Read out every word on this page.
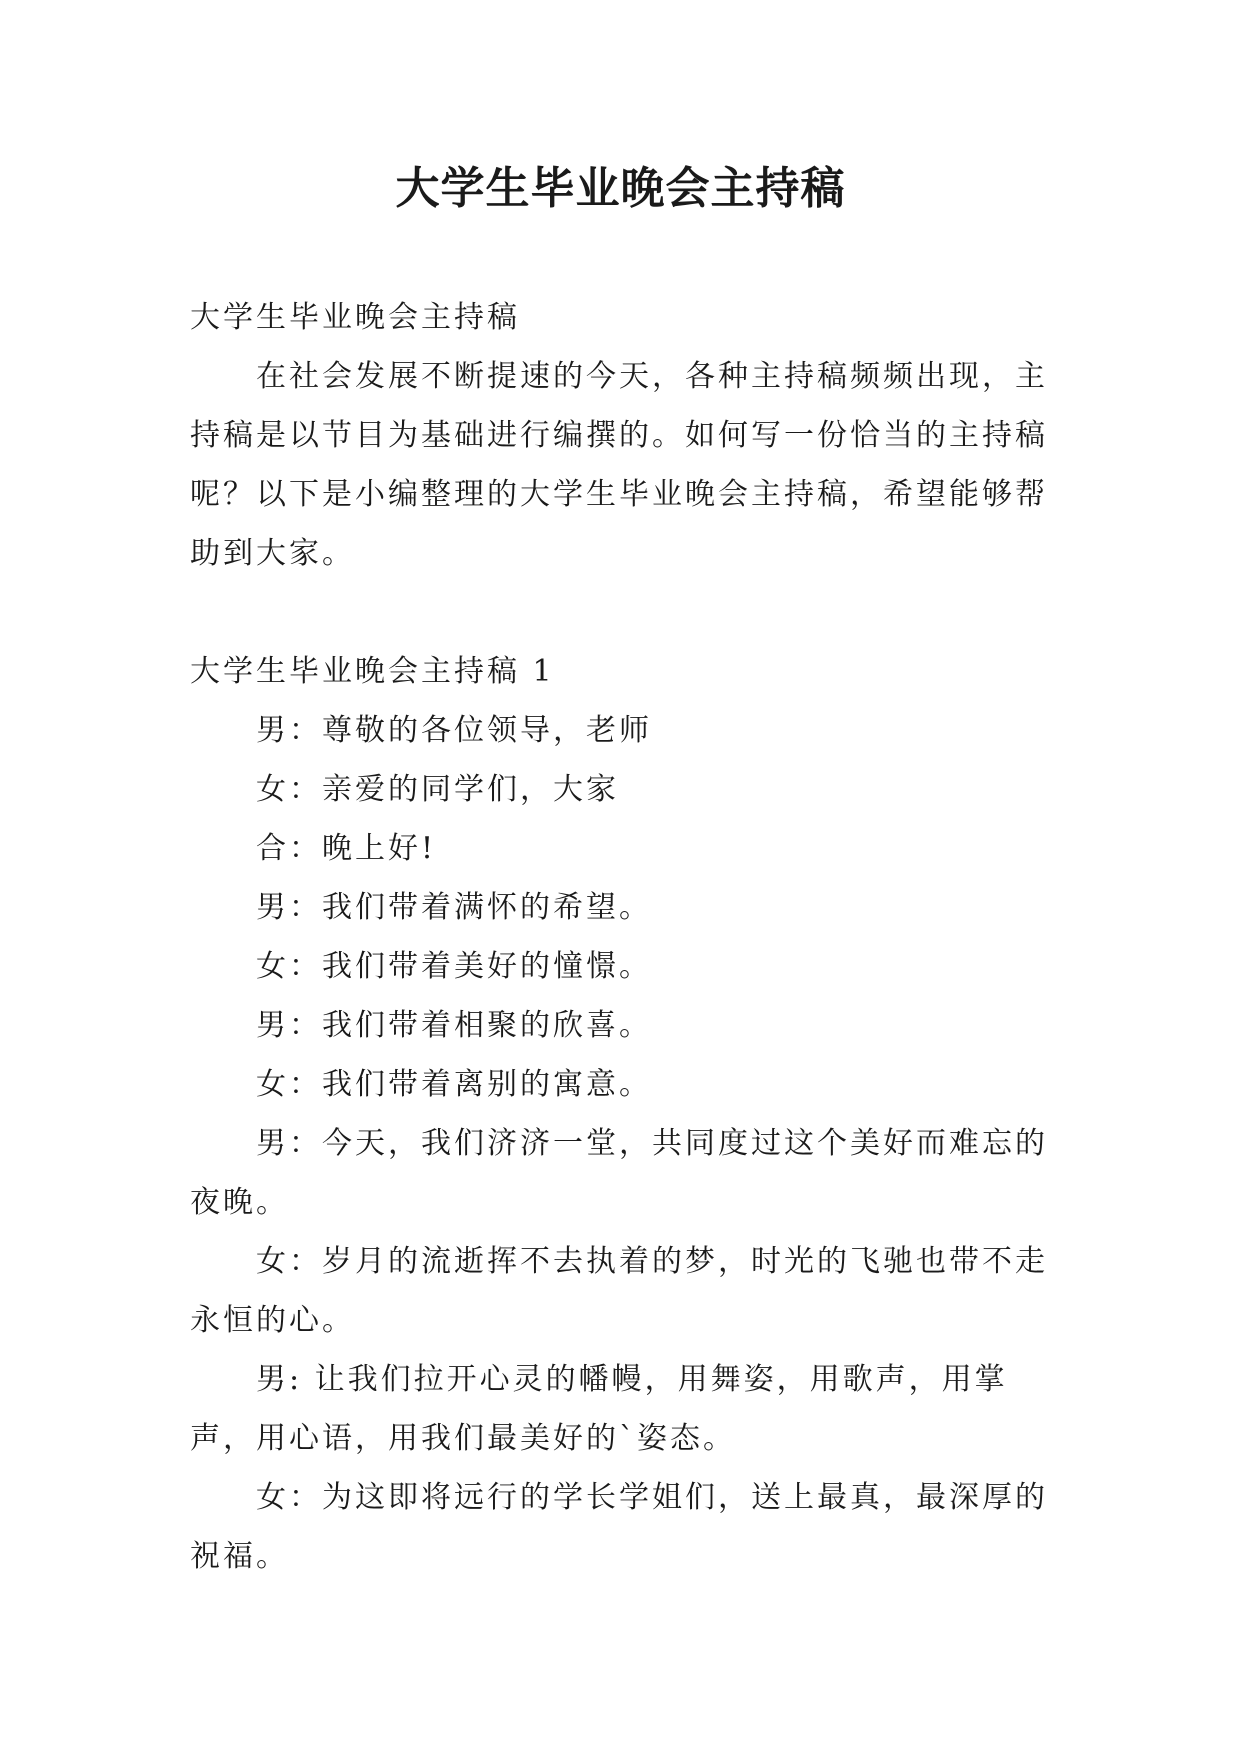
大学生毕业晚会主持稿

大学生毕业晚会主持稿

在社会发展不断提速的今天，各种主持稿频频出现，主持稿是以节目为基础进行编撰的。如何写一份恰当的主持稿呢？以下是小编整理的大学生毕业晚会主持稿，希望能够帮助到大家。

大学生毕业晚会主持稿 1

男：尊敬的各位领导，老师

女：亲爱的同学们，大家

合：晚上好!

男：我们带着满怀的希望。

女：我们带着美好的憧憬。

男：我们带着相聚的欣喜。

女：我们带着离别的寓意。

男：今天，我们济济一堂，共同度过这个美好而难忘的夜晚。

女：岁月的流逝挥不去执着的梦，时光的飞驰也带不走永恒的心。

男: 让我们拉开心灵的幡幔，用舞姿，用歌声，用掌声，用心语，用我们最美好的`姿态。

女：为这即将远行的学长学姐们，送上最真，最深厚的祝福。
